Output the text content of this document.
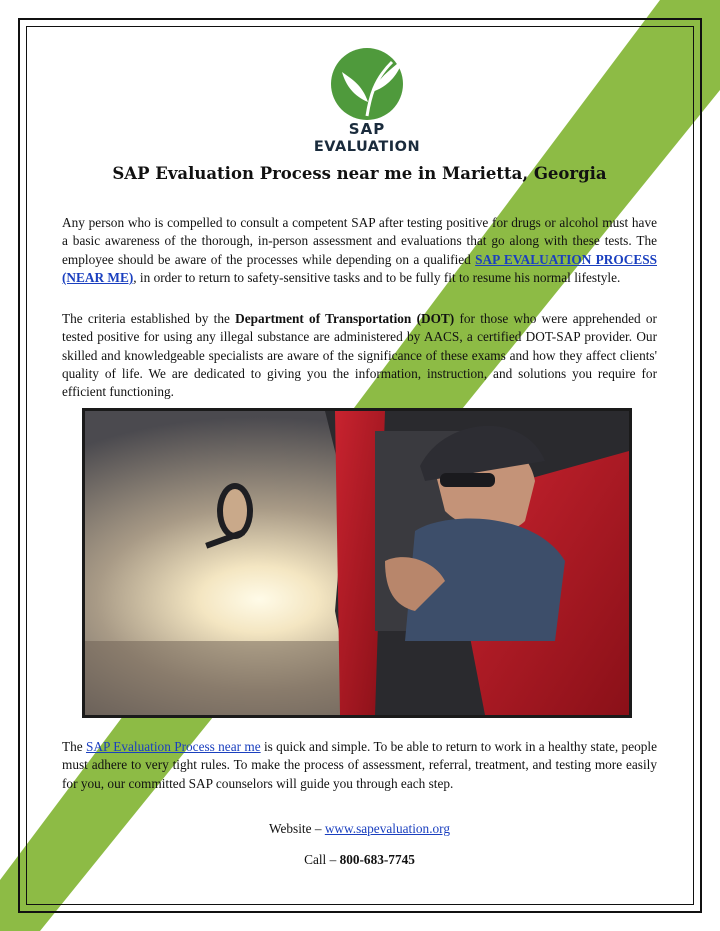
SAP
EVALUATION
SAP Evaluation Process near me in Marietta, Georgia

Any person who is compelled to consult a competent SAP after testing positive for drugs or alcohol must have a basic awareness of the thorough, in-person assessment and evaluations that go along with these tests. The employee should be aware of the processes while depending on a qualified SAP EVALUATION PROCESS (NEAR ME), in order to return to safety-sensitive tasks and to be fully fit to resume his normal lifestyle.

The criteria established by the Department of Transportation (DOT) for those who were apprehended or tested positive for using any illegal substance are administered by AACS, a certified DOT-SAP provider. Our skilled and knowledgeable specialists are aware of the significance of these exams and how they affect clients' quality of life. We are dedicated to giving you the information, instruction, and solutions you require for efficient functioning.

The SAP Evaluation Process near me is quick and simple. To be able to return to work in a healthy state, people must adhere to very tight rules. To make the process of assessment, referral, treatment, and testing more easily for you, our committed SAP counselors will guide you through each step.

Website – www.sapevaluation.org
Call – 800-683-7745
